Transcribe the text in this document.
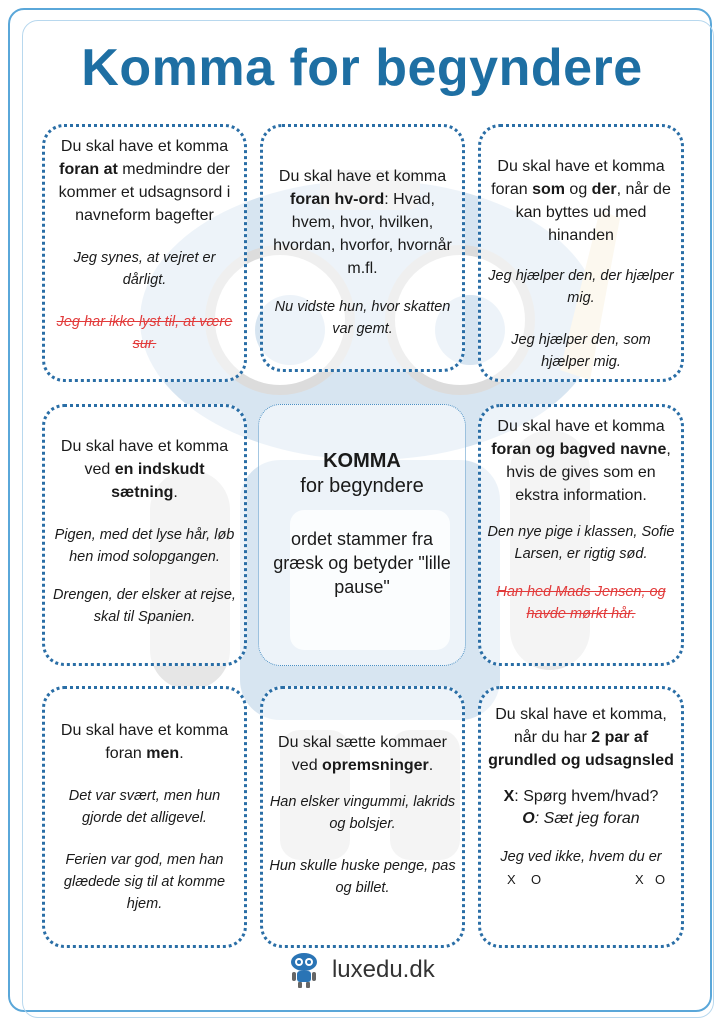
Komma for begyndere

Du skal have et komma foran at medmindre der kommer et udsagnsord i navneform bagefter

Jeg synes, at vejret er dårligt.

Jeg har ikke lyst til, at være sur.

Du skal have et komma foran hv-ord: Hvad, hvem, hvor, hvilken, hvordan, hvorfor, hvornår m.fl.

Nu vidste hun, hvor skatten var gemt.

Du skal have et komma foran som og der, når de kan byttes ud med hinanden

Jeg hjælper den, der hjælper mig.

Jeg hjælper den, som hjælper mig.

Du skal have et komma ved en indskudt sætning.

Pigen, med det lyse hår, løb hen imod solopgangen.

Drengen, der elsker at rejse, skal til Spanien.

KOMMA
for begyndere
ordet stammer fra græsk og betyder "lille pause"

Du skal have et komma foran og bagved navne, hvis de gives som en ekstra information.

Den nye pige i klassen, Sofie Larsen, er rigtig sød.

Han hed Mads Jensen, og havde mørkt hår.

Du skal have et komma foran men.

Det var svært, men hun gjorde det alligevel.

Ferien var god, men han glædede sig til at komme hjem.

Du skal sætte kommaer ved opremsninger.

Han elsker vingummi, lakrids og bolsjer.

Hun skulle huske penge, pas og billet.

Du skal have et komma, når du har 2 par af grundled og udsagnsled

X: Spørg hvem/hvad?

O: Sæt jeg foran

Jeg ved ikke, hvem du er

X O	X O
luxedu.dk
